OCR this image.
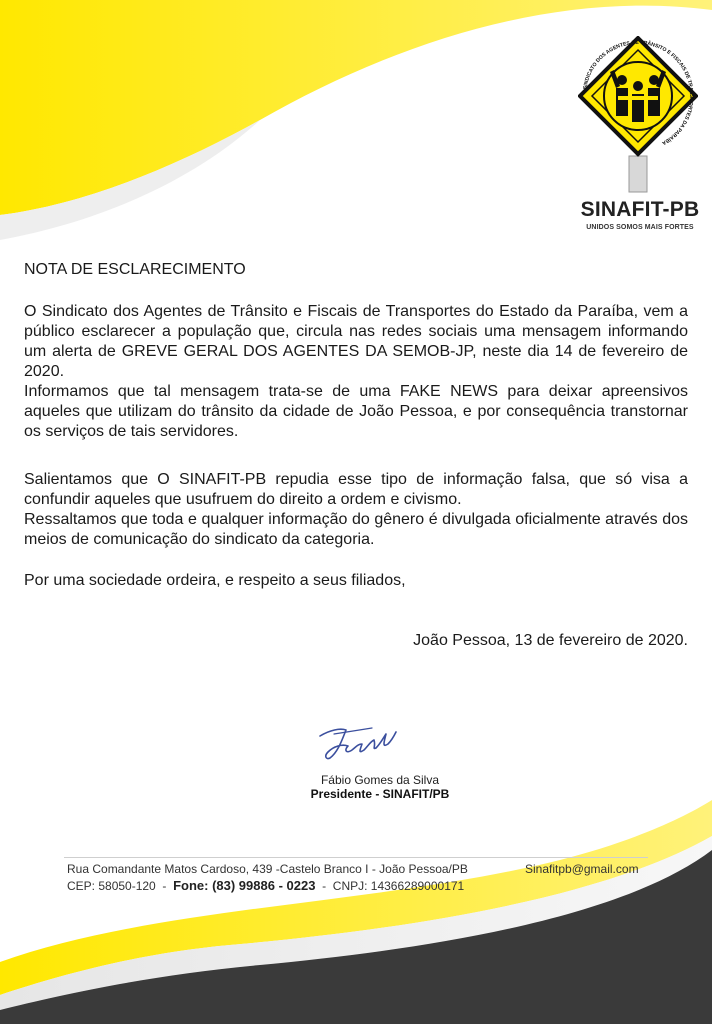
SINDICATO DOS AGENTES DE TRÂNSITO E FISCAIS DE TRANSPORTES DA PARAÍBA
SINAFIT-PB
UNIDOS SOMOS MAIS FORTES
NOTA DE ESCLARECIMENTO

O Sindicato dos Agentes de Trânsito e Fiscais de Transportes do Estado da Paraíba, vem a público esclarecer a população que, circula nas redes sociais uma mensagem informando um alerta de GREVE GERAL DOS AGENTES DA SEMOB-JP, neste dia 14 de fevereiro de 2020.

Informamos que tal mensagem trata-se de uma FAKE NEWS para deixar apreensivos aqueles que utilizam do trânsito da cidade de João Pessoa, e por consequência transtornar os serviços de tais servidores.

Salientamos que O SINAFIT-PB repudia esse tipo de informação falsa, que só visa a confundir aqueles que usufruem do direito a ordem e civismo.

Ressaltamos que toda e qualquer informação do gênero é divulgada oficialmente através dos meios de comunicação do sindicato da categoria.

Por uma sociedade ordeira, e respeito a seus filiados,

João Pessoa, 13 de fevereiro de 2020.
Fábio Gomes da Silva
Presidente - SINAFIT/PB
Rua Comandante Matos Cardoso, 439 -Castelo Branco I - João Pessoa/PB
CEP: 58050-120 - Fone: (83) 99886 - 0223 - CNPJ: 14366289000171
Sinafitpb@gmail.com
